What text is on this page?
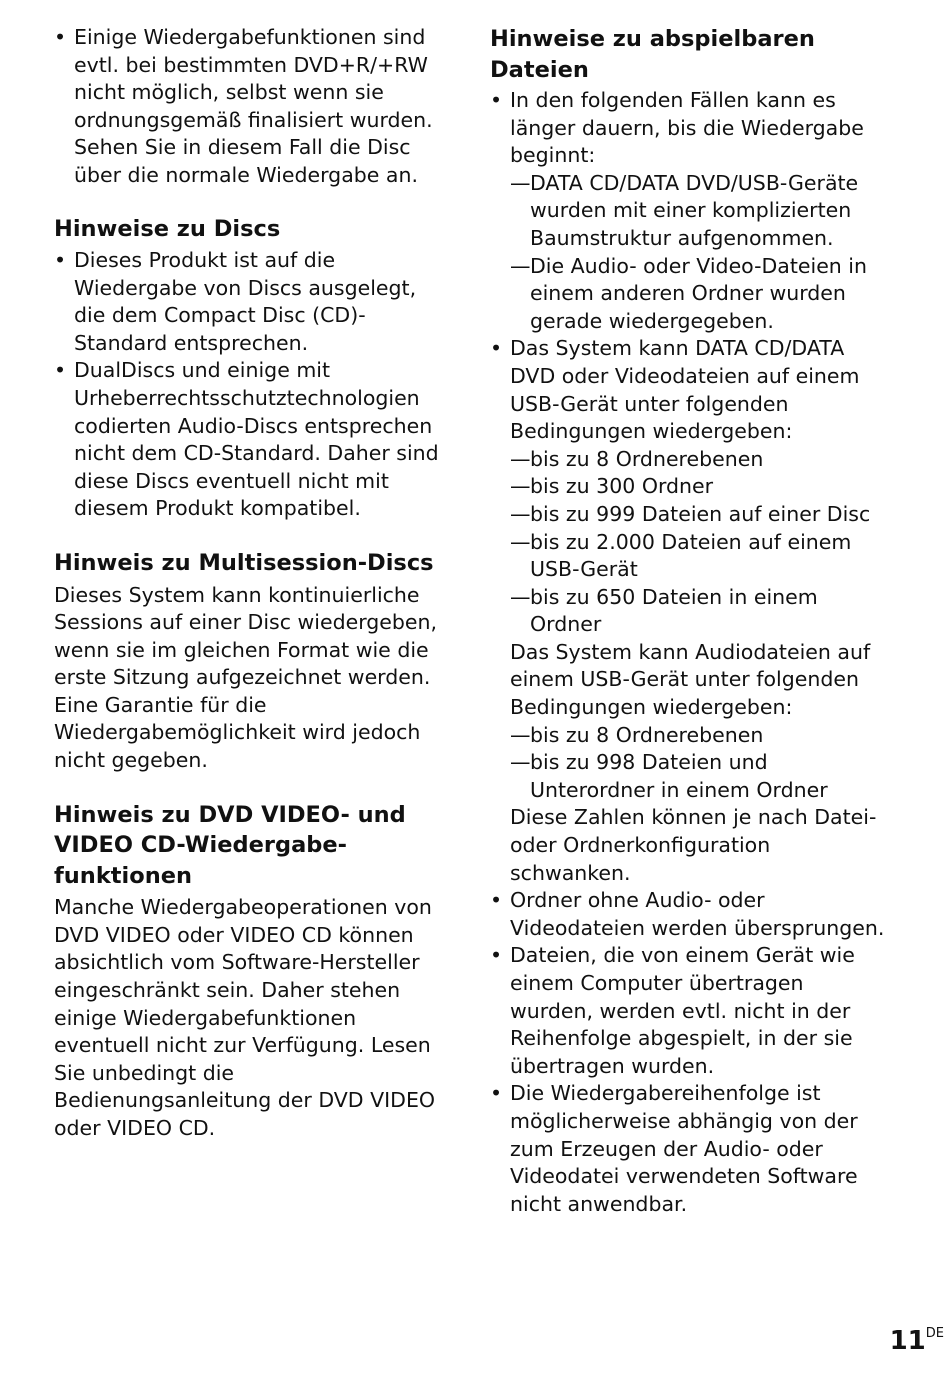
• Einige Wiedergabefunktionen sind evtl. bei bestimmten DVD+R/+RW nicht möglich, selbst wenn sie ordnungsgemäß finalisiert wurden. Sehen Sie in diesem Fall die Disc über die normale Wiedergabe an.
Hinweise zu Discs
• Dieses Produkt ist auf die Wiedergabe von Discs ausgelegt, die dem Compact Disc (CD)-Standard entsprechen.
• DualDiscs und einige mit Urheberrechtsschutztechnologien codierten Audio-Discs entsprechen nicht dem CD-Standard. Daher sind diese Discs eventuell nicht mit diesem Produkt kompatibel.
Hinweis zu Multisession-Discs

Dieses System kann kontinuierliche Sessions auf einer Disc wiedergeben, wenn sie im gleichen Format wie die erste Sitzung aufgezeichnet werden. Eine Garantie für die Wiedergabemöglichkeit wird jedoch nicht gegeben.

Hinweis zu DVD VIDEO- und VIDEO CD-Wiedergabe-funktionen

Manche Wiedergabeoperationen von DVD VIDEO oder VIDEO CD können absichtlich vom Software-Hersteller eingeschränkt sein. Daher stehen einige Wiedergabefunktionen eventuell nicht zur Verfügung. Lesen Sie unbedingt die Bedienungsanleitung der DVD VIDEO oder VIDEO CD.

Hinweise zu abspielbaren Dateien
• In den folgenden Fällen kann es länger dauern, bis die Wiedergabe beginnt:
— DATA CD/DATA DVD/USB-Geräte wurden mit einer komplizierten Baumstruktur aufgenommen.
— Die Audio- oder Video-Dateien in einem anderen Ordner wurden gerade wiedergegeben.
• Das System kann DATA CD/DATA DVD oder Videodateien auf einem USB-Gerät unter folgenden Bedingungen wiedergeben:
— bis zu 8 Ordnerebenen
— bis zu 300 Ordner
— bis zu 999 Dateien auf einer Disc
— bis zu 2.000 Dateien auf einem USB-Gerät
— bis zu 650 Dateien in einem Ordner
Das System kann Audiodateien auf einem USB-Gerät unter folgenden Bedingungen wiedergeben:
— bis zu 8 Ordnerebenen
— bis zu 998 Dateien und Unterordner in einem Ordner
Diese Zahlen können je nach Datei- oder Ordnerkonfiguration schwanken.
• Ordner ohne Audio- oder Videodateien werden übersprungen.
• Dateien, die von einem Gerät wie einem Computer übertragen wurden, werden evtl. nicht in der Reihenfolge abgespielt, in der sie übertragen wurden.
• Die Wiedergabereihenfolge ist möglicherweise abhängig von der zum Erzeugen der Audio- oder Videodatei verwendeten Software nicht anwendbar.
11DE
